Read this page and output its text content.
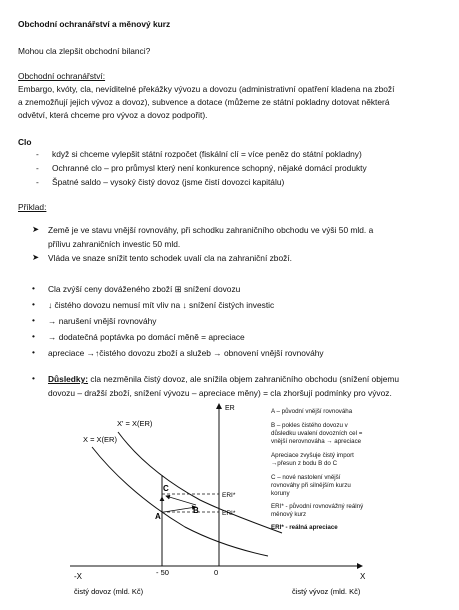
Obchodní ochranářství a měnový kurz
Mohou cla zlepšit obchodní bilanci?
Obchodní ochranářství:
Embargo, kvóty, cla, nevíditelné překážky vývozu a dovozu (administrativní opatření kladena na zboží
a znemožňují jejich vývoz a dovoz), subvence a dotace (můžeme ze státní pokladny dotovat některá
odvětví, která chceme pro vývoz a dovoz podpořit).
Clo
- když si chceme vylepšit státní rozpočet (fiskální clí = více peněz do státní pokladny)
- Ochranné clo – pro průmysl který není konkurence schopný, nějaké domácí produkty
- Špatné saldo – vysoký čistý dovoz (jsme čistí dovozci kapitálu)
Příklad:
➤ Země je ve stavu vnější rovnováhy, při schodku zahraničního obchodu ve výši 50 mld. a
přílivu zahraničních investic 50 mld.
➤ Vláda ve snaze snížit tento schodek uvalí cla na zahraniční zboží.
• Cla zvýší ceny dováženého zboží ⊞ snížení dovozu
• ↓ čistého dovozu nemusí mít vliv na ↓ snížení čistých investic
• → narušení vnější rovnováhy
• → dodatečná poptávka po domácí měně = apreciace
• apreciace →↑čistého dovozu zboží a služeb → obnovení vnější rovnováhy
• Důsledky: cla nezměnila čistý dovoz, ale snížila objem zahraničního obchodu (snížení objemu
dovozu – dražší zboží, snížení vývozu – apreciace měny) = cla zhoršují podmínky pro vývoz.
ER
X
-X
X = X(ER)
X' = X(ER)
- 50	0
A
B
C
ERI*
ERI*
čistý dovoz (mld. Kč)	čistý vývoz (mld. Kč)
A – původní vnější rovnováha
B – pokles čistého dovozu v
důsledku uvalení dovozních cel =
vnější nerovnováha → apreciace
Apreciace zvyšuje čistý import
→přesun z bodu B do C
C – nové nastolení vnější
rovnováhy při silnějším kurzu
koruny
ERI* - původní rovnovážný reálný
měnový kurz
ERI* - reálná apreciace
